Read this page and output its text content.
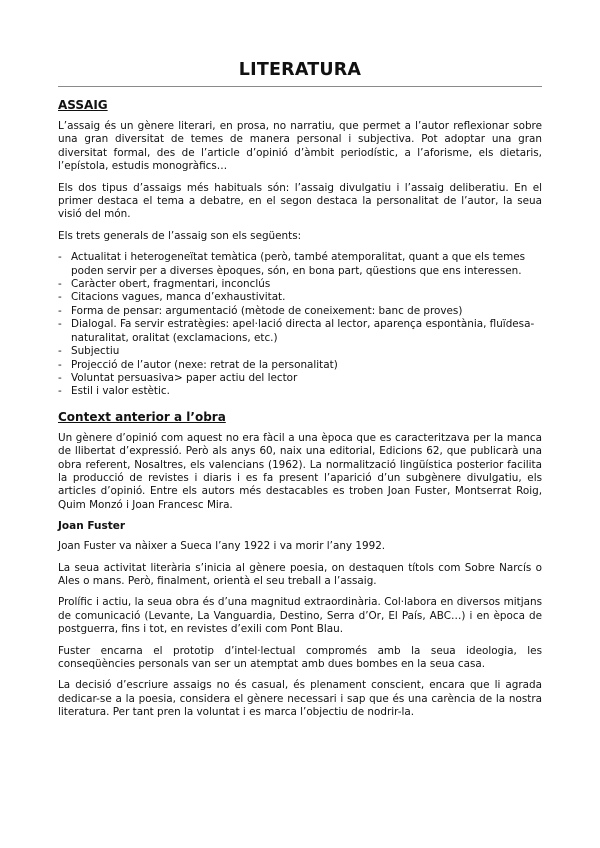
LITERATURA
ASSAIG

L’assaig és un gènere literari, en prosa, no narratiu, que permet a l’autor reflexionar sobre una gran diversitat de temes de manera personal i subjectiva. Pot adoptar una gran diversitat formal, des de l’article d’opinió d’àmbit periodístic, a l’aforisme, els dietaris, l’epístola, estudis monogràfics…

Els dos tipus d’assaigs més habituals són: l’assaig divulgatiu i l’assaig deliberatiu. En el primer destaca el tema a debatre, en el segon destaca la personalitat de l’autor, la seua visió del món.

Els trets generals de l’assaig son els següents:

- Actualitat i heterogeneïtat temàtica (però, també atemporalitat, quant a que els temes poden servir per a diverses èpoques, són, en bona part, qüestions que ens interessen.
- Caràcter obert, fragmentari, inconclús
- Citacions vagues, manca d’exhaustivitat.
- Forma de pensar: argumentació (mètode de coneixement: banc de proves)
- Dialogal. Fa servir estratègies: apel·lació directa al lector, aparença espontània, fluïdesa-naturalitat, oralitat (exclamacions, etc.)
- Subjectiu
- Projecció de l’autor (nexe: retrat de la personalitat)
- Voluntat persuasiva> paper actiu del lector
- Estil i valor estètic.
Context anterior a l’obra

Un gènere d’opinió com aquest no era fàcil a una època que es caracteritzava per la manca de llibertat d’expressió. Però als anys 60, naix una editorial, Edicions 62, que publicarà una obra referent, Nosaltres, els valencians (1962). La normalització lingüística posterior facilita la producció de revistes i diaris i es fa present l’aparició d’un subgènere divulgatiu, els articles d’opinió. Entre els autors més destacables es troben Joan Fuster, Montserrat Roig, Quim Monzó i Joan Francesc Mira.

Joan Fuster

Joan Fuster va nàixer a Sueca l’any 1922 i va morir l’any 1992.

La seua activitat literària s’inicia al gènere poesia, on destaquen títols com Sobre Narcís o Ales o mans. Però, finalment, orientà el seu treball a l’assaig.

Prolífic i actiu, la seua obra és d’una magnitud extraordinària. Col·labora en diversos mitjans de comunicació (Levante, La Vanguardia, Destino, Serra d’Or, El País, ABC…) i en època de postguerra, fins i tot, en revistes d’exili com Pont Blau.

Fuster encarna el prototip d’intel·lectual compromés amb la seua ideologia, les conseqüències personals van ser un atemptat amb dues bombes en la seua casa.

La decisió d’escriure assaigs no és casual, és plenament conscient, encara que li agrada dedicar-se a la poesia, considera el gènere necessari i sap que és una carència de la nostra literatura. Per tant pren la voluntat i es marca l’objectiu de nodrir-la.
